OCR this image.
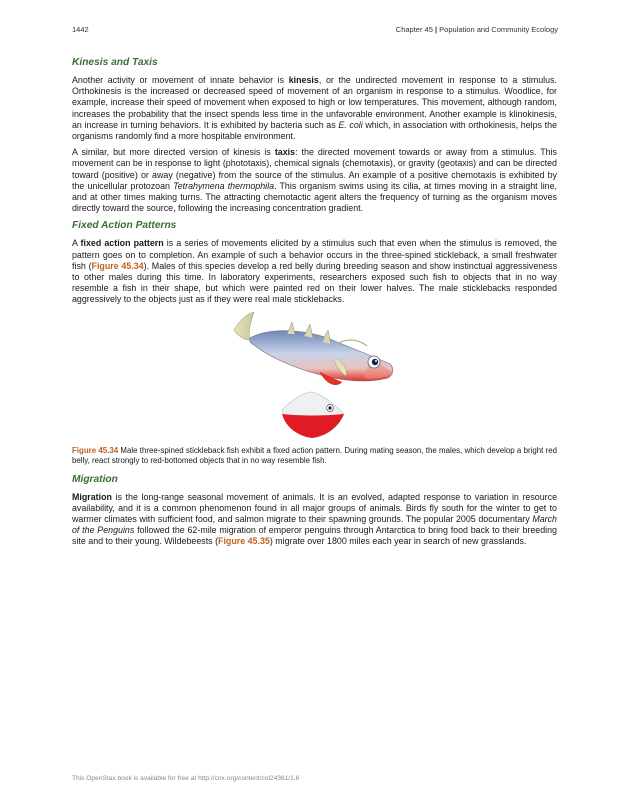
1442	Chapter 45 | Population and Community Ecology
Kinesis and Taxis

Another activity or movement of innate behavior is kinesis, or the undirected movement in response to a stimulus. Orthokinesis is the increased or decreased speed of movement of an organism in response to a stimulus. Woodlice, for example, increase their speed of movement when exposed to high or low temperatures. This movement, although random, increases the probability that the insect spends less time in the unfavorable environment. Another example is klinokinesis, an increase in turning behaviors. It is exhibited by bacteria such as E. coli which, in association with orthokinesis, helps the organisms randomly find a more hospitable environment.

A similar, but more directed version of kinesis is taxis: the directed movement towards or away from a stimulus. This movement can be in response to light (phototaxis), chemical signals (chemotaxis), or gravity (geotaxis) and can be directed toward (positive) or away (negative) from the source of the stimulus. An example of a positive chemotaxis is exhibited by the unicellular protozoan Tetrahymena thermophila. This organism swims using its cilia, at times moving in a straight line, and at other times making turns. The attracting chemotactic agent alters the frequency of turning as the organism moves directly toward the source, following the increasing concentration gradient.

Fixed Action Patterns

A fixed action pattern is a series of movements elicited by a stimulus such that even when the stimulus is removed, the pattern goes on to completion. An example of such a behavior occurs in the three-spined stickleback, a small freshwater fish (Figure 45.34). Males of this species develop a red belly during breeding season and show instinctual aggressiveness to other males during this time. In laboratory experiments, researchers exposed such fish to objects that in no way resemble a fish in their shape, but which were painted red on their lower halves. The male sticklebacks responded aggressively to the objects just as if they were real male sticklebacks.

Figure 45.34 Male three-spined stickleback fish exhibit a fixed action pattern. During mating season, the males, which develop a bright red belly, react strongly to red-bottomed objects that in no way resemble fish.

Migration

Migration is the long-range seasonal movement of animals. It is an evolved, adapted response to variation in resource availability, and it is a common phenomenon found in all major groups of animals. Birds fly south for the winter to get to warmer climates with sufficient food, and salmon migrate to their spawning grounds. The popular 2005 documentary March of the Penguins followed the 62-mile migration of emperor penguins through Antarctica to bring food back to their breeding site and to their young. Wildebeests (Figure 45.35) migrate over 1800 miles each year in search of new grasslands.

This OpenStax book is available for free at http://cnx.org/content/col24361/1.6
